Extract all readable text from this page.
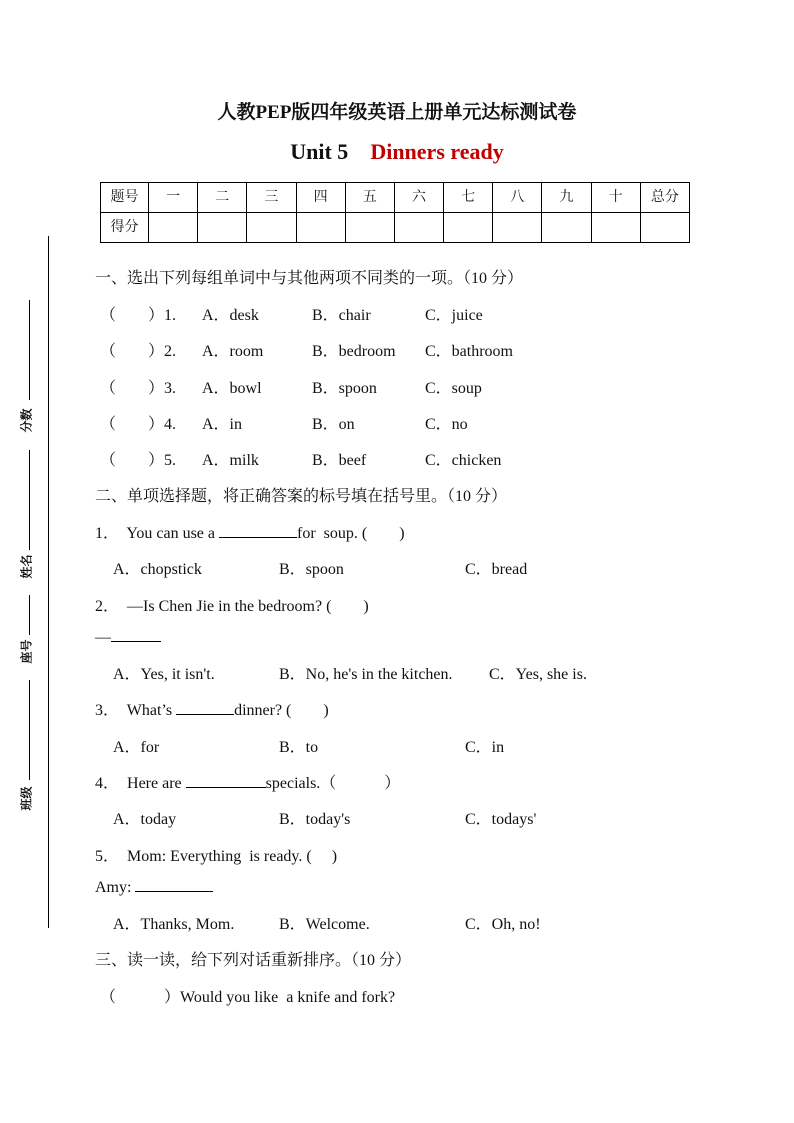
人教PEP版四年级英语上册单元达标测试卷
Unit 5 Dinners ready
题号	一	二	三	四	五	六	七	八	九	十	总分
得分											
分数
姓名
座号
班级
一、选出下列每组单词中与其他两项不同类的一项。（10 分）
（　　）1. A．desk	B．chair	C．juice
（　　）2. A．room	B．bedroom C．bathroom
（　　）3. A．bowl	B．spoon	C．soup
（　　）4. A．in	B．on	C．no
（　　）5. A．milk	B．beef	C．chicken
二、单项选择题，将正确答案的标号填在括号里。（10 分）
1． You can use a	for  soup. (　　)
A．chopstick	B．spoon	C．bread
2． —Is Chen Jie in the bedroom? (　　)
—
A．Yes, it isn't.	B．No, he's in the kitchen. C．Yes, she is.
3． What’s	dinner? (　　)
A．for	B．to	C．in
4． Here are	specials.（　　　）
A．today	B．today's	C．todays'
5． Mom: Everything  is ready. (　 )
Amy:
A．Thanks, Mom.	B．Welcome.	C．Oh, no!
三、读一读，给下列对话重新排序。（10 分）
（　　　）Would you like  a knife and fork?
